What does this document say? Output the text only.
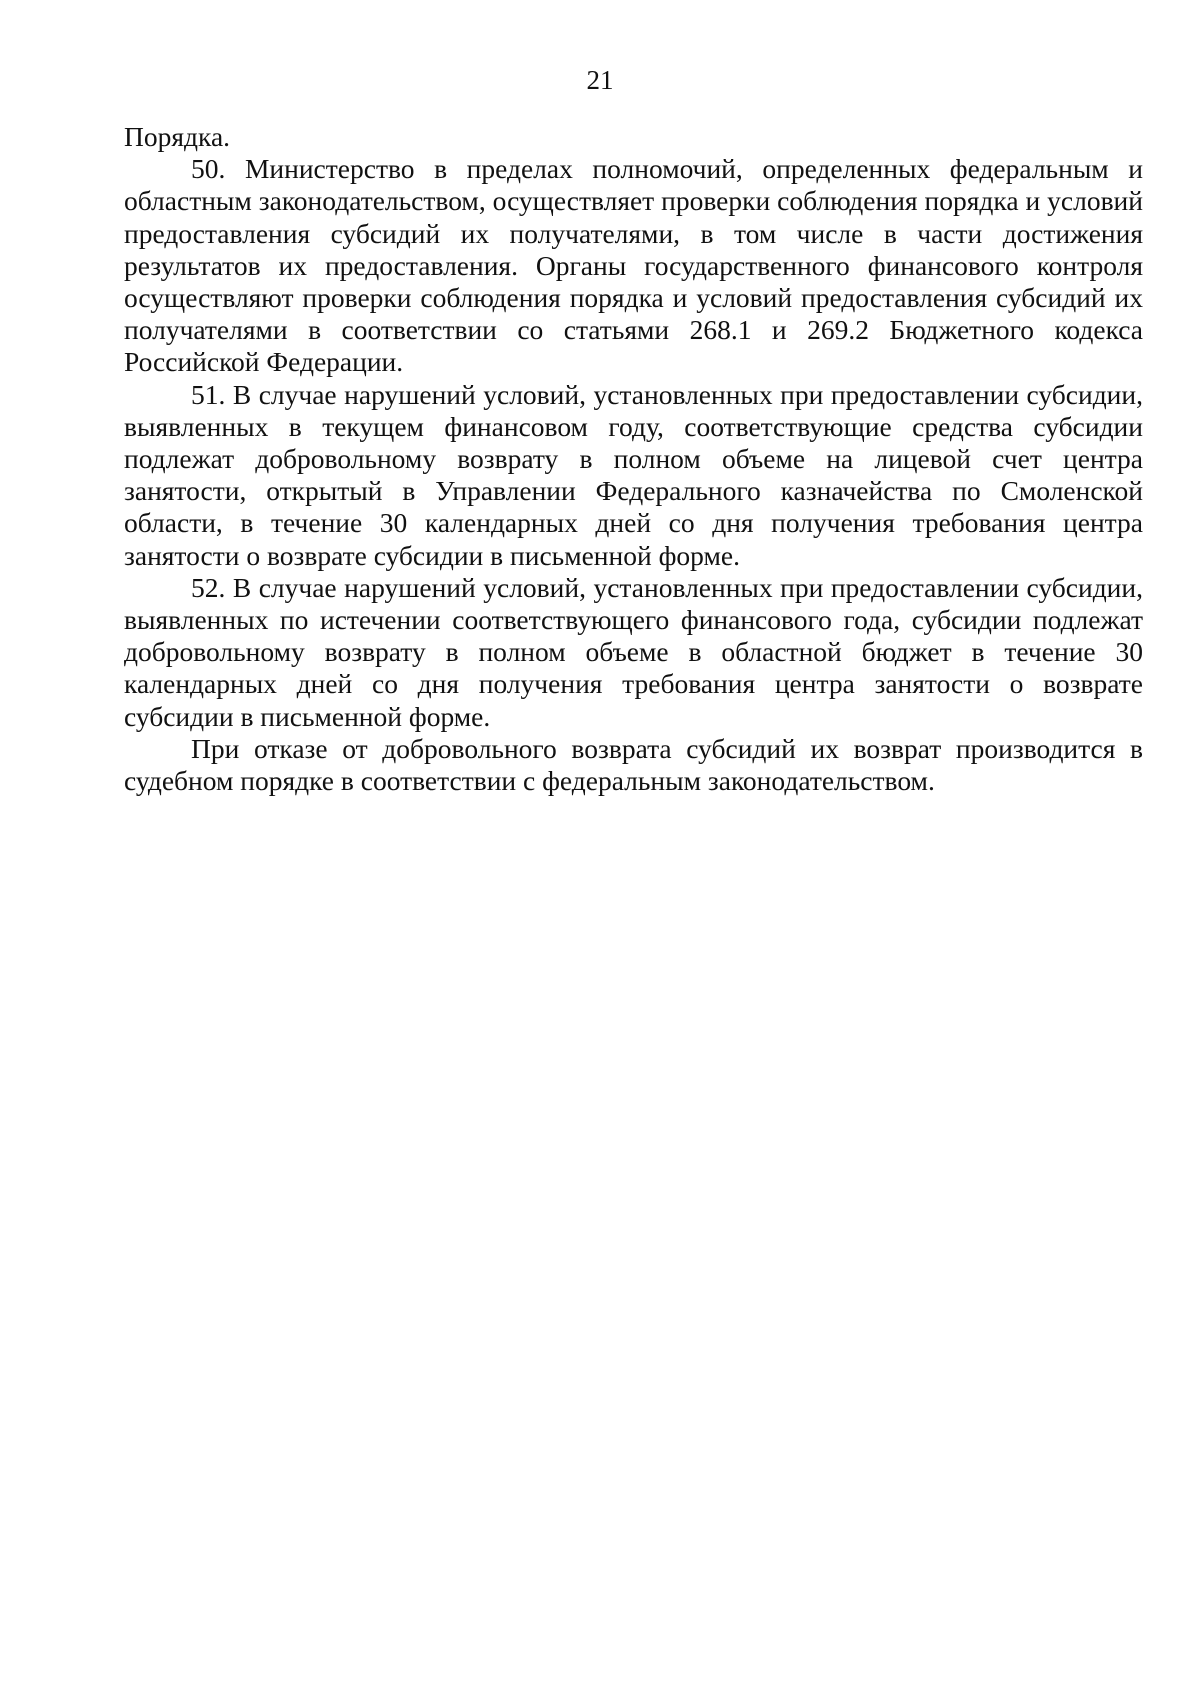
21

Порядка.

50. Министерство в пределах полномочий, определенных федеральным и областным законодательством, осуществляет проверки соблюдения порядка и условий предоставления субсидий их получателями, в том числе в части достижения результатов их предоставления. Органы государственного финансового контроля осуществляют проверки соблюдения порядка и условий предоставления субсидий их получателями в соответствии со статьями 268.1 и 269.2 Бюджетного кодекса Российской Федерации.

51. В случае нарушений условий, установленных при предоставлении субсидии, выявленных в текущем финансовом году, соответствующие средства субсидии подлежат добровольному возврату в полном объеме на лицевой счет центра занятости, открытый в Управлении Федерального казначейства по Смоленской области, в течение 30 календарных дней со дня получения требования центра занятости о возврате субсидии в письменной форме.

52. В случае нарушений условий, установленных при предоставлении субсидии, выявленных по истечении соответствующего финансового года, субсидии подлежат добровольному возврату в полном объеме в областной бюджет в течение 30 календарных дней со дня получения требования центра занятости о возврате субсидии в письменной форме.

При отказе от добровольного возврата субсидий их возврат производится в судебном порядке в соответствии с федеральным законодательством.
